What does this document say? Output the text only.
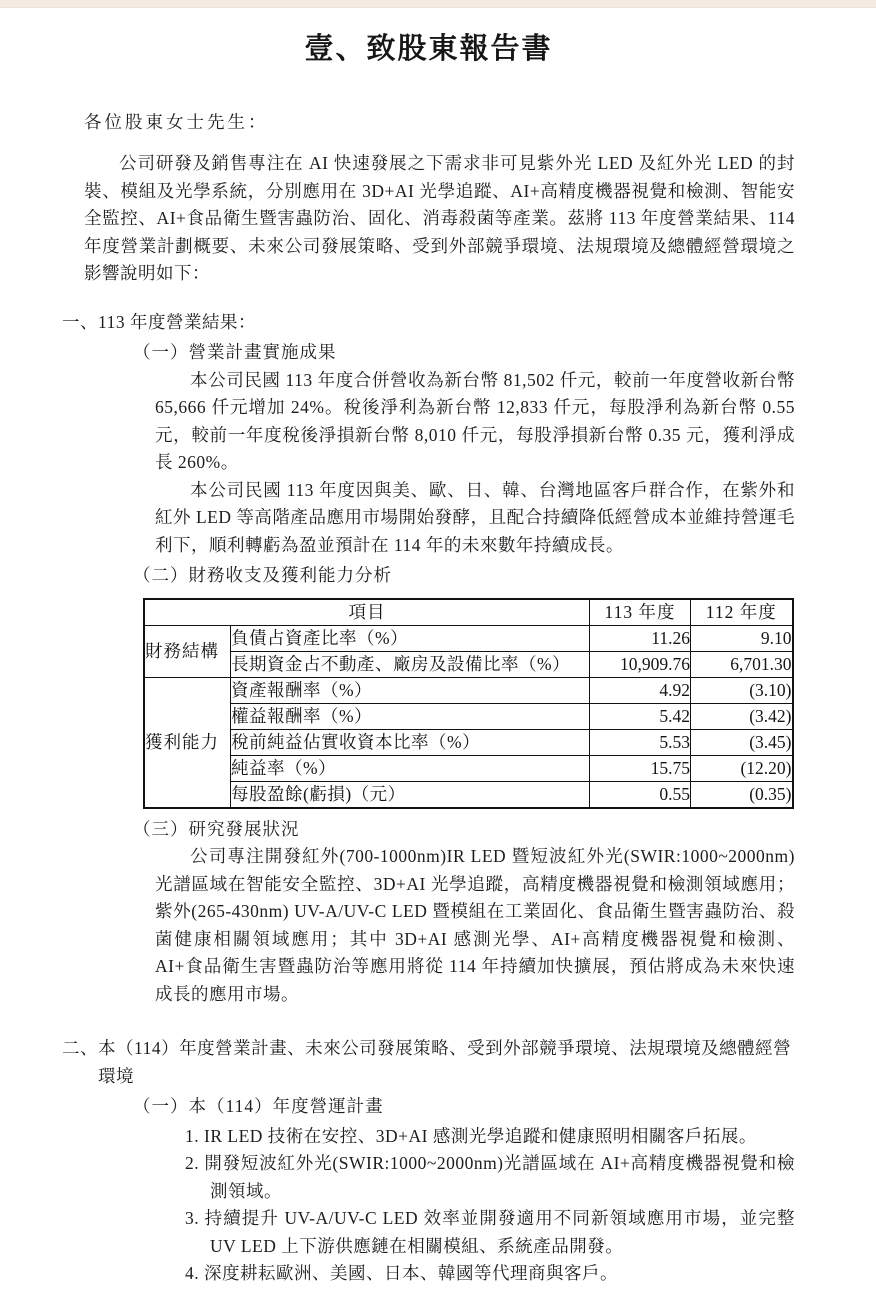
壹、致股東報告書

各位股東女士先生：

公司研發及銷售專注在 AI 快速發展之下需求非可見紫外光 LED 及紅外光 LED 的封裝、模組及光學系統，分別應用在 3D+AI 光學追蹤、AI+高精度機器視覺和檢測、智能安全監控、AI+食品衛生暨害蟲防治、固化、消毒殺菌等產業。茲將 113 年度營業結果、114 年度營業計劃概要、未來公司發展策略、受到外部競爭環境、法規環境及總體經營環境之影響說明如下：

一、113 年度營業結果：
（一）營業計畫實施成果

本公司民國 113 年度合併營收為新台幣 81,502 仟元，較前一年度營收新台幣 65,666 仟元增加 24%。稅後淨利為新台幣 12,833 仟元，每股淨利為新台幣 0.55 元，較前一年度稅後淨損新台幣 8,010 仟元，每股淨損新台幣 0.35 元，獲利淨成長 260%。

本公司民國 113 年度因與美、歐、日、韓、台灣地區客戶群合作，在紫外和紅外 LED 等高階產品應用市場開始發酵，且配合持續降低經營成本並維持營運毛利下，順利轉虧為盈並預計在 114 年的未來數年持續成長。

（二）財務收支及獲利能力分析
項目		113 年度	112 年度
財務結構	負債占資產比率（%）	11.26	9.10
	長期資金占不動產、廠房及設備比率（%）	10,909.76	6,701.30
獲利能力	資產報酬率（%）	4.92	(3.10)
	權益報酬率（%）	5.42	(3.42)
	稅前純益佔實收資本比率（%）	5.53	(3.45)
	純益率（%）	15.75	(12.20)
	每股盈餘(虧損)（元）	0.55	(0.35)
（三）研究發展狀況

公司專注開發紅外(700-1000nm)IR LED 暨短波紅外光(SWIR:1000~2000nm)光譜區域在智能安全監控、3D+AI 光學追蹤，高精度機器視覺和檢測領域應用；紫外(265-430nm) UV-A/UV-C LED 暨模組在工業固化、食品衛生暨害蟲防治、殺菌健康相關領域應用；其中 3D+AI 感測光學、AI+高精度機器視覺和檢測、AI+食品衛生害暨蟲防治等應用將從 114 年持續加快擴展，預估將成為未來快速成長的應用市場。

二、本（114）年度營業計畫、未來公司發展策略、受到外部競爭環境、法規環境及總體經營環境
（一）本（114）年度營運計畫
IR LED 技術在安控、3D+AI 感測光學追蹤和健康照明相關客戶拓展。
開發短波紅外光(SWIR:1000~2000nm)光譜區域在 AI+高精度機器視覺和檢測領域。
持續提升 UV-A/UV-C LED 效率並開發適用不同新領域應用市場，並完整 UV LED 上下游供應鏈在相關模組、系統產品開發。
深度耕耘歐洲、美國、日本、韓國等代理商與客戶。
